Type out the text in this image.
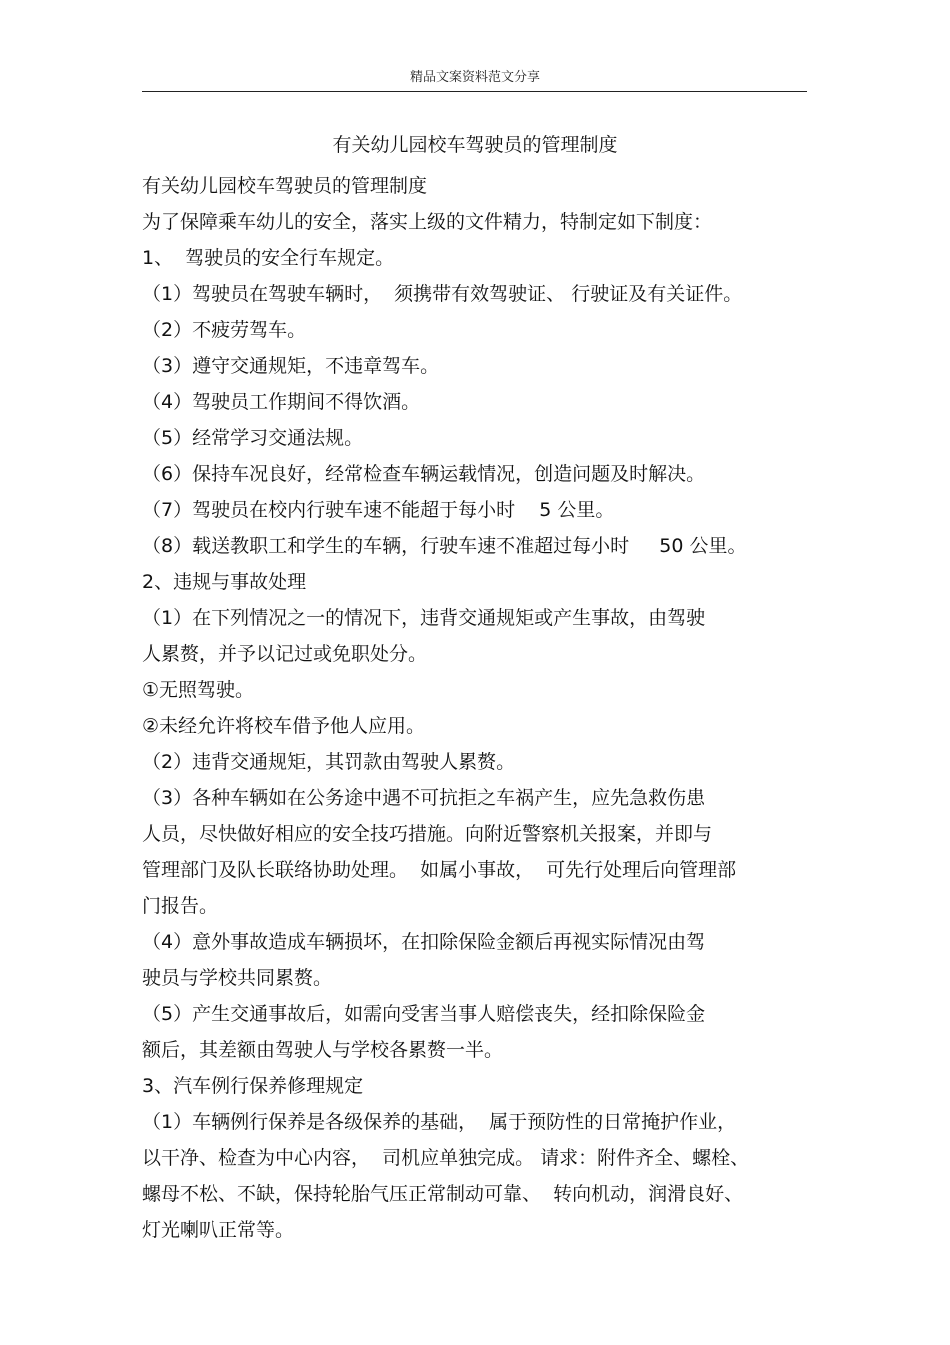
精品文案资料范文分享
有关幼儿园校车驾驶员的管理制度
有关幼儿园校车驾驶员的管理制度
为了保障乘车幼儿的安全，落实上级的文件精力，特制定如下制度：
1、  驾驶员的安全行车规定。
（1）驾驶员在驾驶车辆时，  须携带有效驾驶证、 行驶证及有关证件。
（2）不疲劳驾车。
（3）遵守交通规矩，不违章驾车。
（4）驾驶员工作期间不得饮酒。
（5）经常学习交通法规。
（6）保持车况良好，经常检查车辆运载情况，创造问题及时解决。
（7）驾驶员在校内行驶车速不能超于每小时    5 公里。
（8）载送教职工和学生的车辆，行驶车速不准超过每小时     50 公里。
2、违规与事故处理
（1）在下列情况之一的情况下，违背交通规矩或产生事故，由驾驶
人累赘，并予以记过或免职处分。
①无照驾驶。
②未经允许将校车借予他人应用。
（2）违背交通规矩，其罚款由驾驶人累赘。
（3）各种车辆如在公务途中遇不可抗拒之车祸产生，应先急救伤患
人员，尽快做好相应的安全技巧措施。向附近警察机关报案，并即与
管理部门及队长联络协助处理。  如属小事故，  可先行处理后向管理部
门报告。
（4）意外事故造成车辆损坏，在扣除保险金额后再视实际情况由驾
驶员与学校共同累赘。
（5）产生交通事故后，如需向受害当事人赔偿丧失，经扣除保险金
额后，其差额由驾驶人与学校各累赘一半。
3、汽车例行保养修理规定
（1）车辆例行保养是各级保养的基础，  属于预防性的日常掩护作业，
以干净、检查为中心内容，  司机应单独完成。 请求：附件齐全、螺栓、
螺母不松、不缺，保持轮胎气压正常制动可靠、  转向机动，润滑良好、
灯光喇叭正常等。
